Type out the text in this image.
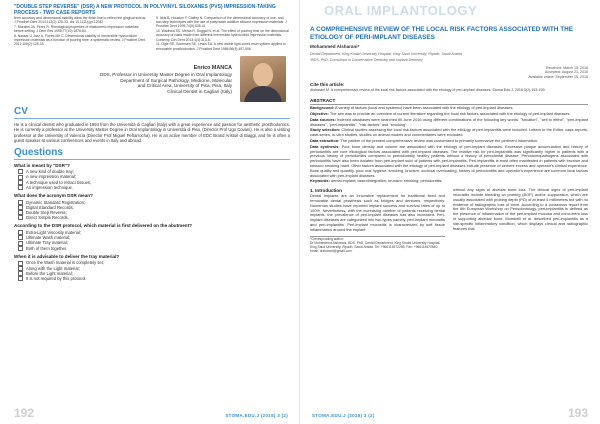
"DOUBLE STEP REVERSE" (DSR) A NEW PROTOCOL IN POLYVINYL SILOXANES (PVS) IMPRESSION-TAKING PROCESS - TWO CASE REPORTS

term accuracy and dimensional stability allow the finish line to reflect the gingival sulcus. J Prosthet Dent 2014;112(2):126-33. doi 10.1111/j.jpr.12042

7. Morales JA, Pérez R. Rheological properties of elastomeric impression materials before setting. J Dent Res 1998;77(10):1876-83.

8. Nassar U, Aziz A, Flores-Mir C. Dimensional stability of irreversible hydrocolloid impression materials as a function of pouring time: a systematic review. J Prosthet Dent 2011;106(2):126-33.

9. Idris B, Houston F, Claffey N. Comparison of the dimensional accuracy of one- and two-step techniques with the use of putty/wash addition silicone impression materials. J Prosthet Dent 1995;74(5):535-41.

10. Wadhwa SS, Mehta R, Duggal N, et al. The effect of pouring time on the dimensional accuracy of casts made from different irreversible hydrocolloid impression materials. Contemp Clin Dent 2013;4(3):313-8.

11. Ogle RE, Sorensen SE, Lewis EA. A new visible light-cured resin system applied to removable prosthodontics. J Prosthet Dent 1986;56(4):497-506.

Enrico MANCA
DDS, Professor in University Master Degree in Oral Implantology
Department of Surgical Pathology, Medicine, Molecular
and Critical Area, University of Pisa, Pisa, Italy
Clinical Dentist in Cagliari (Italy)
CV

He is a clinical dentist who graduated in 1994 from the Università di Cagliari (Italy) with a great experience and passion for aesthetic prosthodontics. He is currently a professor at the University Master Degree in Oral Implantology in Università di Pisa, (Director Prof Ugo Covani). He is also a visiting professor at the University of Valencia (Director Prof Miguel Peñarrocha). He is an active member of EDC Brand Aristoil di Biaggi, and he is often a guest speaker at various conferences and events in Italy and abroad.

Questions
What is meant by "DSR"?
A new kind of double tray;
A new impression material;
A technique used to retract tissues;
An impression technique.
What does the acronym DSR mean?
Dynamic Standard Registration;
Digital Standard Records;
Double Step Reverse;
Direct Simple Records.
According to the DSR protocol, which material is first delivered on the abutment?
Extra-Light Viscosity material;
Ultimate Wash material;
Ultimate Tray material;
Both of them together.
When it is advisable to deliver the tray material?
Once the Wash material is completely set;
Along with the Light material;
Before the Light material;
It is not required by this protocol.
192	STOMA.EDU.J (2016) 3 (2)
ORAL IMPLANTOLOGY
A COMPREHENSIVE REVIEW OF THE LOCAL RISK FACTORS ASSOCIATED WITH THE ETIOLOGY OF PERI-IMPLANT DISEASES
Mohammed Alsharani*
Dental Department, King Khalid University Hospital, King Saud University, Riyadh, Saudi Arabia
*BDS, PhD, Consultant in Conservative Dentistry and Implant Dentistry
Received: March 15, 2016
Accepted: August 21, 2016
Available online: September 15, 2016
Cite this article:
Alsharani M. A comprehensive review of the local risk factors associated with the etiology of peri-implant diseases. Stoma Edu J. 2016;3(2):193-199.
ABSTRACT

Background: A variety of factors (local and systemic) have been associated with the etiology of peri-implant diseases.

Objective: The aim was to provide an overview of current literature regarding the local risk factors associated with the etiology of peri-implant diseases.

Data sources: Indexed databases were searched till June 2016 using different combinations of the following key words: "furcation", "cell to effect", "peri-implant diseases", "peri-implantitis", "risk-factors" and "smoking".

Study selection: Clinical studies assessing the local risk-factors associated with the etiology of peri-implantitis were included. Letters to the Editor, case-reports, case-series, in-vitro studies, studies on animal models and commentaries were excluded.

Data extraction: The pattern of the present comprehensive review was customized to primarily summarize the pertinent information.

Data synthesis: Poor bone density and volume are associated with the etiology of peri-implant diseases. Excessive plaque accumulation and history of periodontitis are core etiological factors associated with peri-implant diseases. The relative risk for peri-implantitis was significantly higher in patients with a previous history of periodontitis compared to periodontally healthy patients without a history of periodontal disease. Periodontopathogens associated with periodontitis have also been isolated from peri-implant sulci of patients with peri-implantitis. Peri-implantitis is most often manifested in patients with bruxism and tobacco smoking habit. Other factors associated with the etiology of peri-implant diseases include presence of cement excess and operator's clinical experience. Bone quality and quantity, poor oral hygiene, smoking, bruxism, occlusal overloading, history of periodontitis and operator's experience are common local factors associated with peri-implant diseases.

Keywords: dental implant; osseointegration; bruxism; smoking; periodontitis.

1. Introduction

Dental implants are an innovative replacement for traditional fixed and removable dental prosthesis such as bridges and dentures, respectively. Numerous studies have reported implant success and survival rates of up to 100%. Nevertheless, with the increasing number of patients receiving dental implants, the prevalence of peri-implant diseases has also increased. Peri-implant diseases are categorized into two types namely, peri-implant mucositis and peri-implantitis. Peri-implant mucositis is characterized by soft tissue inflammation around the implant

*Corresponding author:

Dr Mohammed Alsharani, BDS, PhD, Dental Department, King Khalid University Hospital, King Saud University, Riyadh, Saudi Arabia. Tel: +966114672255; Fax: +966114670640; email: drsharani@gmail.com

without any signs of alveolar bone loss. The clinical signs of peri-implant mucositis include bleeding on probing (BOP) and/or suppuration, which are usually associated with probing depth (PD) of at least 4 millimeters but with no evidence of radiographic loss of bone. According to a consensus report from the 6th European Workshop on Periodontology, peri-implantitis is defined as the presence of inflammation of the peri-implant mucosa and concurrent loss of supporting alveolar bone. Mombelli et al. described peri-implantitis as a site-specific inflammatory condition, which displays clinical and radiographic features that

193
STOMA.EDU.J (2016) 3 (2)
